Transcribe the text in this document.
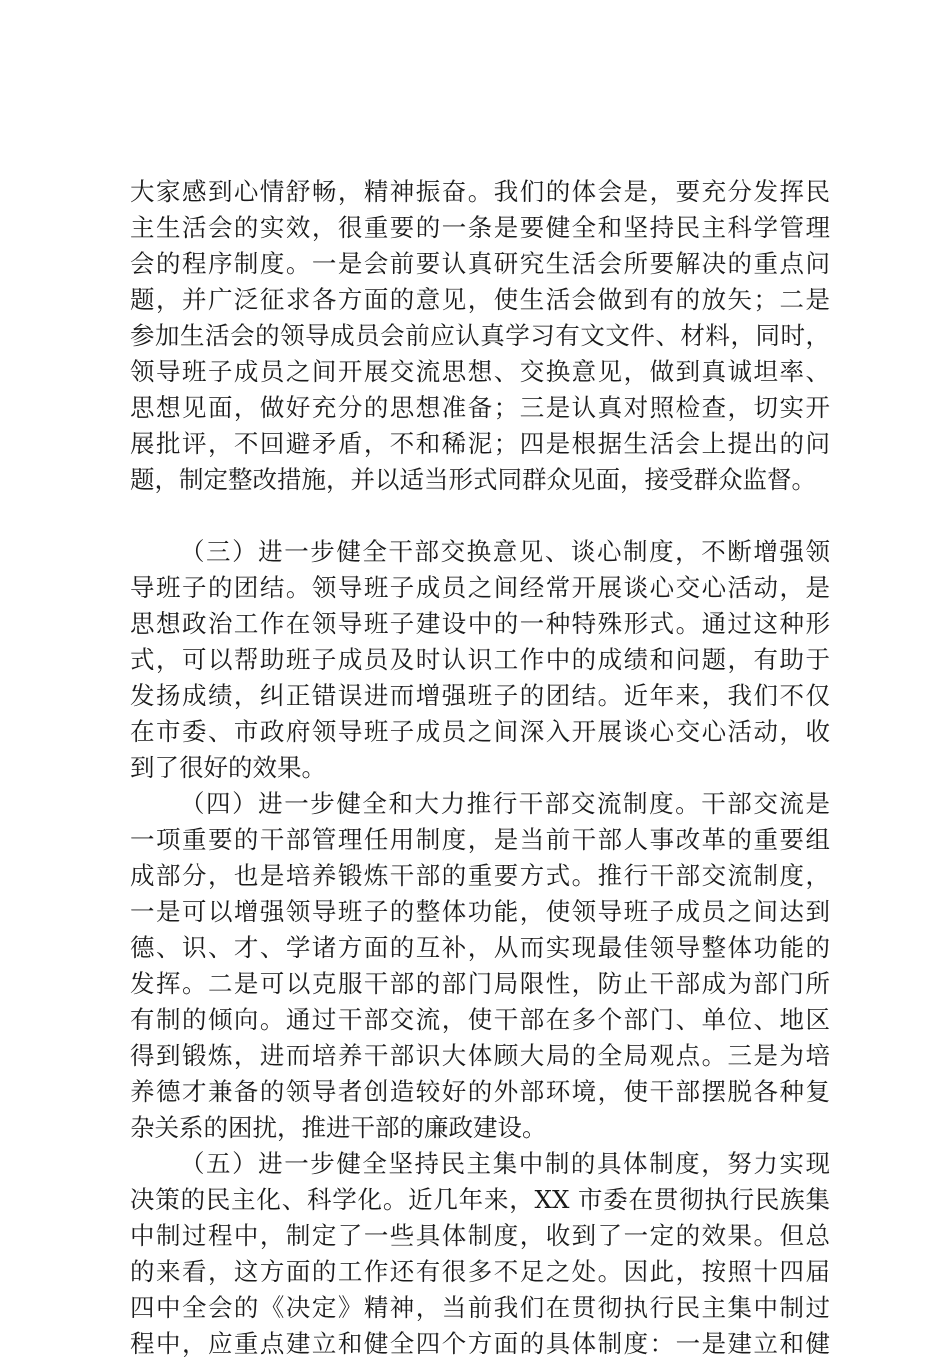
大家感到心情舒畅，精神振奋。我们的体会是，要充分发挥民
主生活会的实效，很重要的一条是要健全和坚持民主科学管理
会的程序制度。一是会前要认真研究生活会所要解决的重点问
题，并广泛征求各方面的意见，使生活会做到有的放矢；二是
参加生活会的领导成员会前应认真学习有文文件、材料，同时，
领导班子成员之间开展交流思想、交换意见，做到真诚坦率、
思想见面，做好充分的思想准备；三是认真对照检查，切实开
展批评，不回避矛盾，不和稀泥；四是根据生活会上提出的问
题，制定整改措施，并以适当形式同群众见面，接受群众监督。
（三）进一步健全干部交换意见、谈心制度，不断增强领
导班子的团结。领导班子成员之间经常开展谈心交心活动，是
思想政治工作在领导班子建设中的一种特殊形式。通过这种形
式，可以帮助班子成员及时认识工作中的成绩和问题，有助于
发扬成绩，纠正错误进而增强班子的团结。近年来，我们不仅
在市委、市政府领导班子成员之间深入开展谈心交心活动，收
到了很好的效果。
（四）进一步健全和大力推行干部交流制度。干部交流是
一项重要的干部管理任用制度，是当前干部人事改革的重要组
成部分，也是培养锻炼干部的重要方式。推行干部交流制度，
一是可以增强领导班子的整体功能，使领导班子成员之间达到
德、识、才、学诸方面的互补，从而实现最佳领导整体功能的
发挥。二是可以克服干部的部门局限性，防止干部成为部门所
有制的倾向。通过干部交流，使干部在多个部门、单位、地区
得到锻炼，进而培养干部识大体顾大局的全局观点。三是为培
养德才兼备的领导者创造较好的外部环境，使干部摆脱各种复
杂关系的困扰，推进干部的廉政建设。
（五）进一步健全坚持民主集中制的具体制度，努力实现
决策的民主化、科学化。近几年来，XX 市委在贯彻执行民族集
中制过程中，制定了一些具体制度，收到了一定的效果。但总
的来看，这方面的工作还有很多不足之处。因此，按照十四届
四中全会的《决定》精神，当前我们在贯彻执行民主集中制过
程中，应重点建立和健全四个方面的具体制度：一是建立和健
